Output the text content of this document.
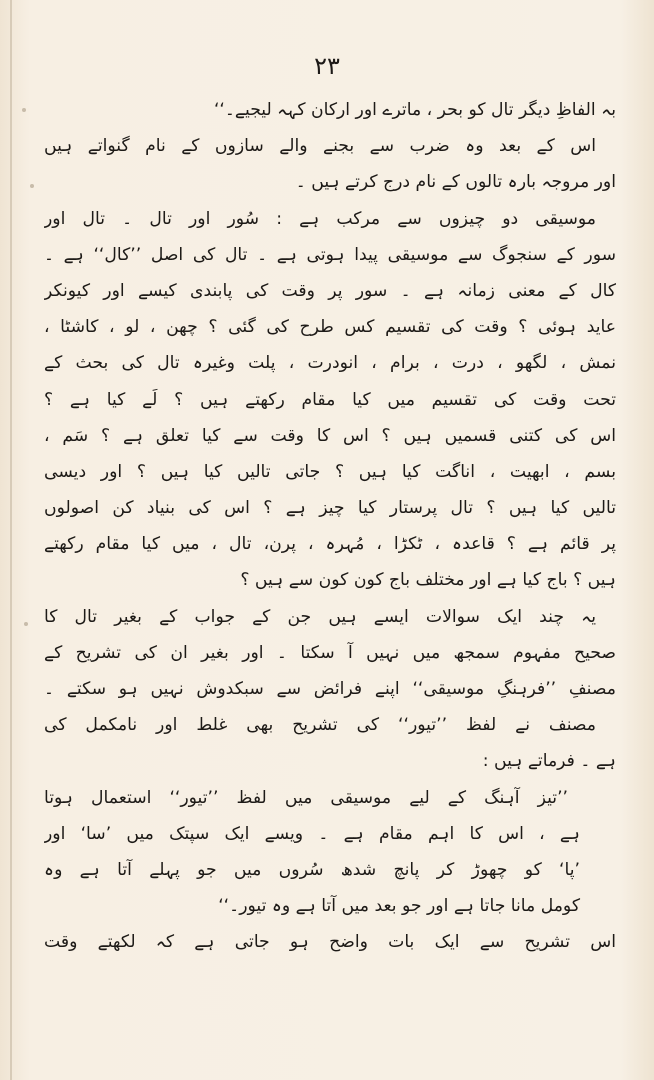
۲۳
بہ الفاظِ دیگر تال کو بحر ، ماترے اور ارکان کہہ لیجیے۔‘‘
اس کے بعد وہ ضرب سے بجنے والے سازوں کے نام گنواتے ہیں
اور مروجہ بارہ تالوں کے نام درج کرتے ہیں ۔
موسیقی دو چیزوں سے مرکب ہے : سُور اور تال ۔ تال اور
سور کے سنجوگ سے موسیقی پیدا ہوتی ہے ۔ تال کی اصل ’’کال‘‘ ہے ۔
کال کے معنی زمانہ ہے ۔ سور پر وقت کی پابندی کیسے اور کیونکر
عاید ہوئی ؟ وقت کی تقسیم کس طرح کی گئی ؟ چھن ، لو ، کاشٹا ،
نمش ، لگھو ، درت ، برام ، انودرت ، پلت وغیرہ تال کی بحث کے
تحت وقت کی تقسیم میں کیا مقام رکھتے ہیں ؟ لَے کیا ہے ؟
اس کی کتنی قسمیں ہیں ؟ اس کا وقت سے کیا تعلق ہے ؟ سَم ،
بسم ، ابھیت ، اناگت کیا ہیں ؟ جاتی تالیں کیا ہیں ؟ اور دیسی
تالیں کیا ہیں ؟ تال پرستار کیا چیز ہے ؟ اس کی بنیاد کن اصولوں
پر قائم ہے ؟ قاعدہ ، ٹکڑا ، مُہرہ ، پرن، تال ، میں کیا مقام رکھتے
ہیں ؟ باج کیا ہے اور مختلف باج کون کون سے ہیں ؟
یہ چند ایک سوالات ایسے ہیں جن کے جواب کے بغیر تال کا
صحیح مفہوم سمجھ میں نہیں آ سکتا ۔ اور بغیر ان کی تشریح کے
مصنفِ ’’فرہنگِ موسیقی‘‘ اپنے فرائض سے سبکدوش نہیں ہو سکتے ۔
مصنف نے لفظ ’’تیور‘‘ کی تشریح بھی غلط اور نامکمل کی
ہے ۔ فرماتے ہیں :
’’تیز آہنگ کے لیے موسیقی میں لفظ ’’تیور‘‘ استعمال ہوتا
ہے ، اس کا اہم مقام ہے ۔ ویسے ایک سپتک میں ’سا‘ اور
’پا‘ کو چھوڑ کر پانچ شدھ سُروں میں جو پہلے آتا ہے وہ
کومل مانا جاتا ہے اور جو بعد میں آتا ہے وہ تیور۔‘‘
اس تشریح سے ایک بات واضح ہو جاتی ہے کہ لکھتے وقت
